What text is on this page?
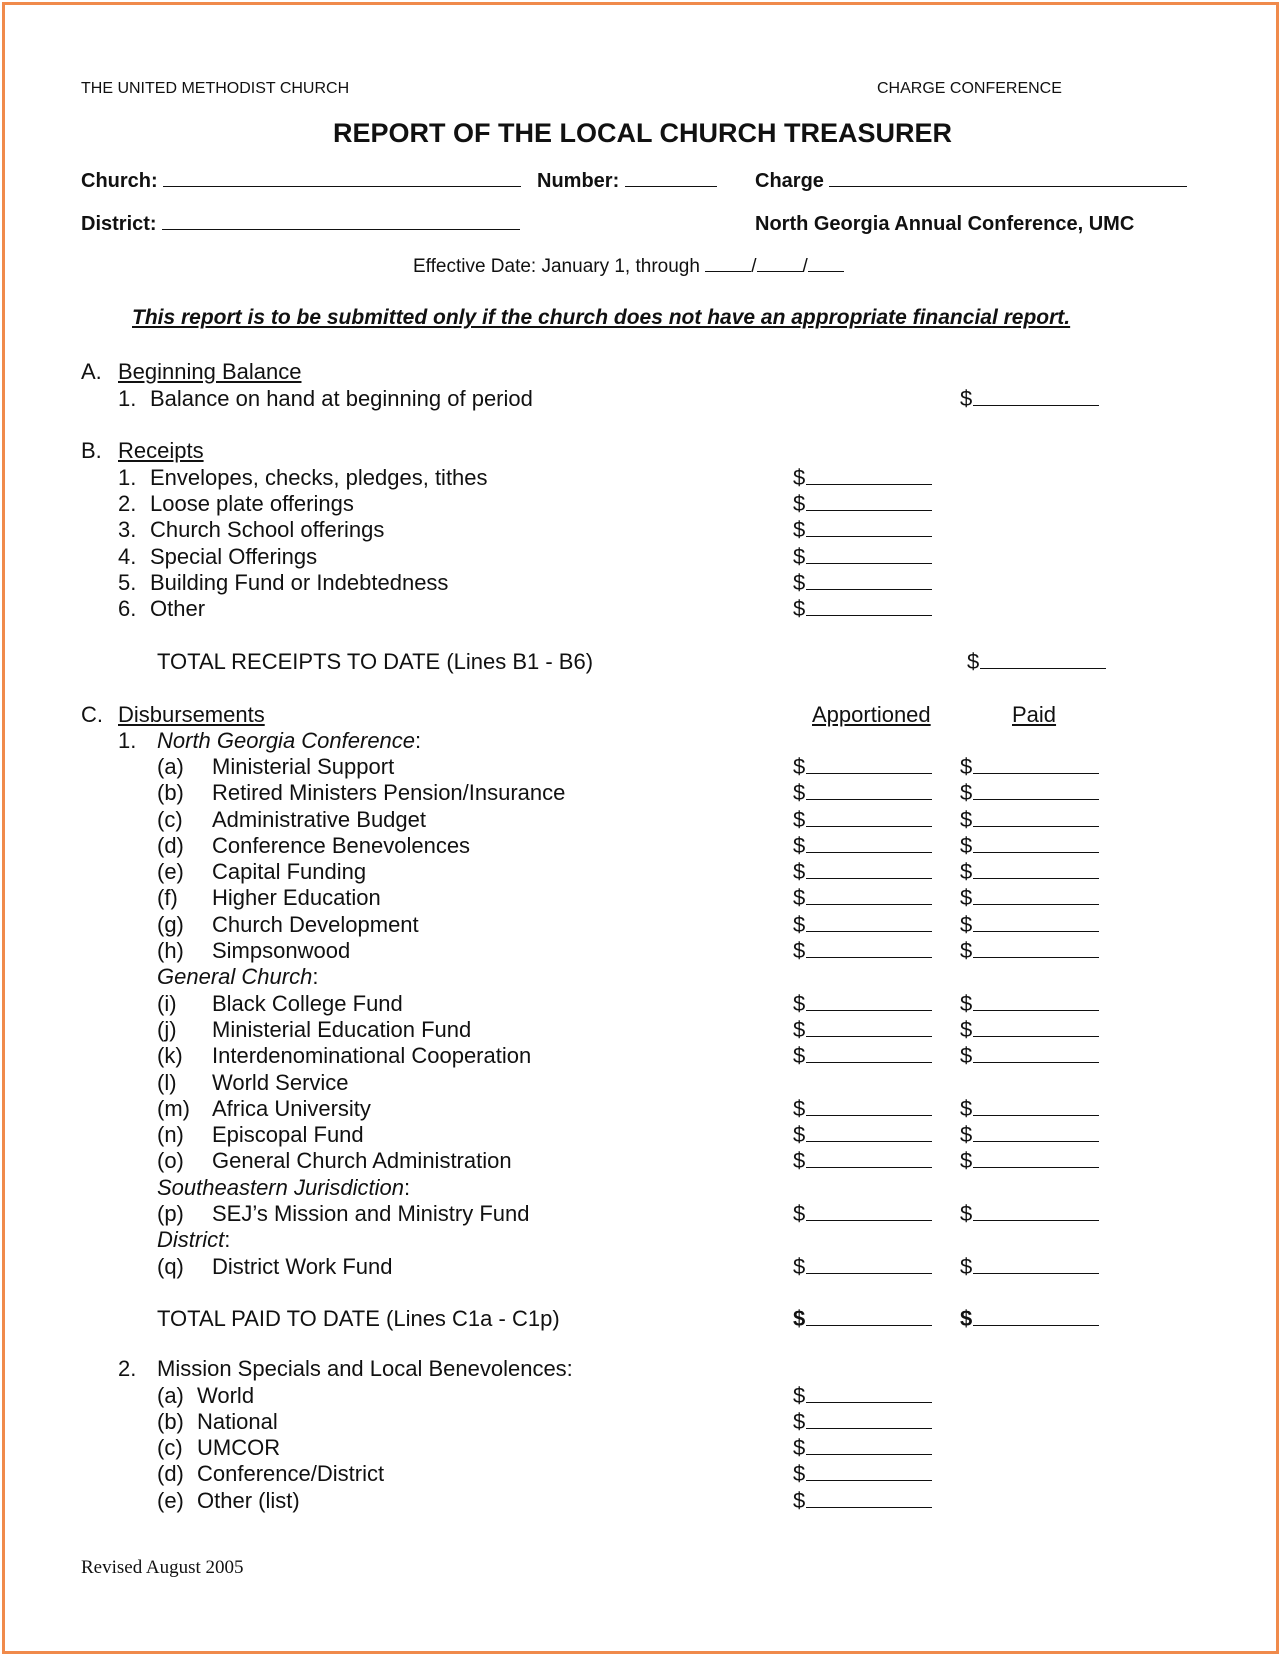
THE UNITED METHODIST CHURCH	CHARGE CONFERENCE
REPORT OF THE LOCAL CHURCH TREASURER
Church:	Number:	Charge
District:	North Georgia Annual Conference, UMC
Effective Date: January 1, through	/ /
This report is to be submitted only if the church does not have an appropriate financial report.
A. Beginning Balance
1. Balance on hand at beginning of period	$
B. Receipts
1. Envelopes, checks, pledges, tithes	$
2. Loose plate offerings	$
3. Church School offerings	$
4. Special Offerings	$
5. Building Fund or Indebtedness	$
6. Other	$
TOTAL RECEIPTS TO DATE (Lines B1 - B6)	$
C. Disbursements	Apportioned	Paid
1. North Georgia Conference:
(a) Ministerial Support	$	$
(b) Retired Ministers Pension/Insurance	$	$
(c) Administrative Budget	$	$
(d) Conference Benevolences	$	$
(e) Capital Funding	$	$
(f) Higher Education	$	$
(g) Church Development	$	$
(h) Simpsonwood	$	$
General Church:
(i) Black College Fund	$	$
(j) Ministerial Education Fund	$	$
(k) Interdenominational Cooperation	$	$
(l) World Service
(m) Africa University	$	$
(n) Episcopal Fund	$	$
(o) General Church Administration	$	$
Southeastern Jurisdiction:
(p) SEJ’s Mission and Ministry Fund	$	$
District:
(q) District Work Fund	$	$
TOTAL PAID TO DATE (Lines C1a - C1p)	$	$
2. Mission Specials and Local Benevolences:
(a) World	$
(b) National	$
(c) UMCOR	$
(d) Conference/District	$
(e) Other (list)	$
Revised August 2005
